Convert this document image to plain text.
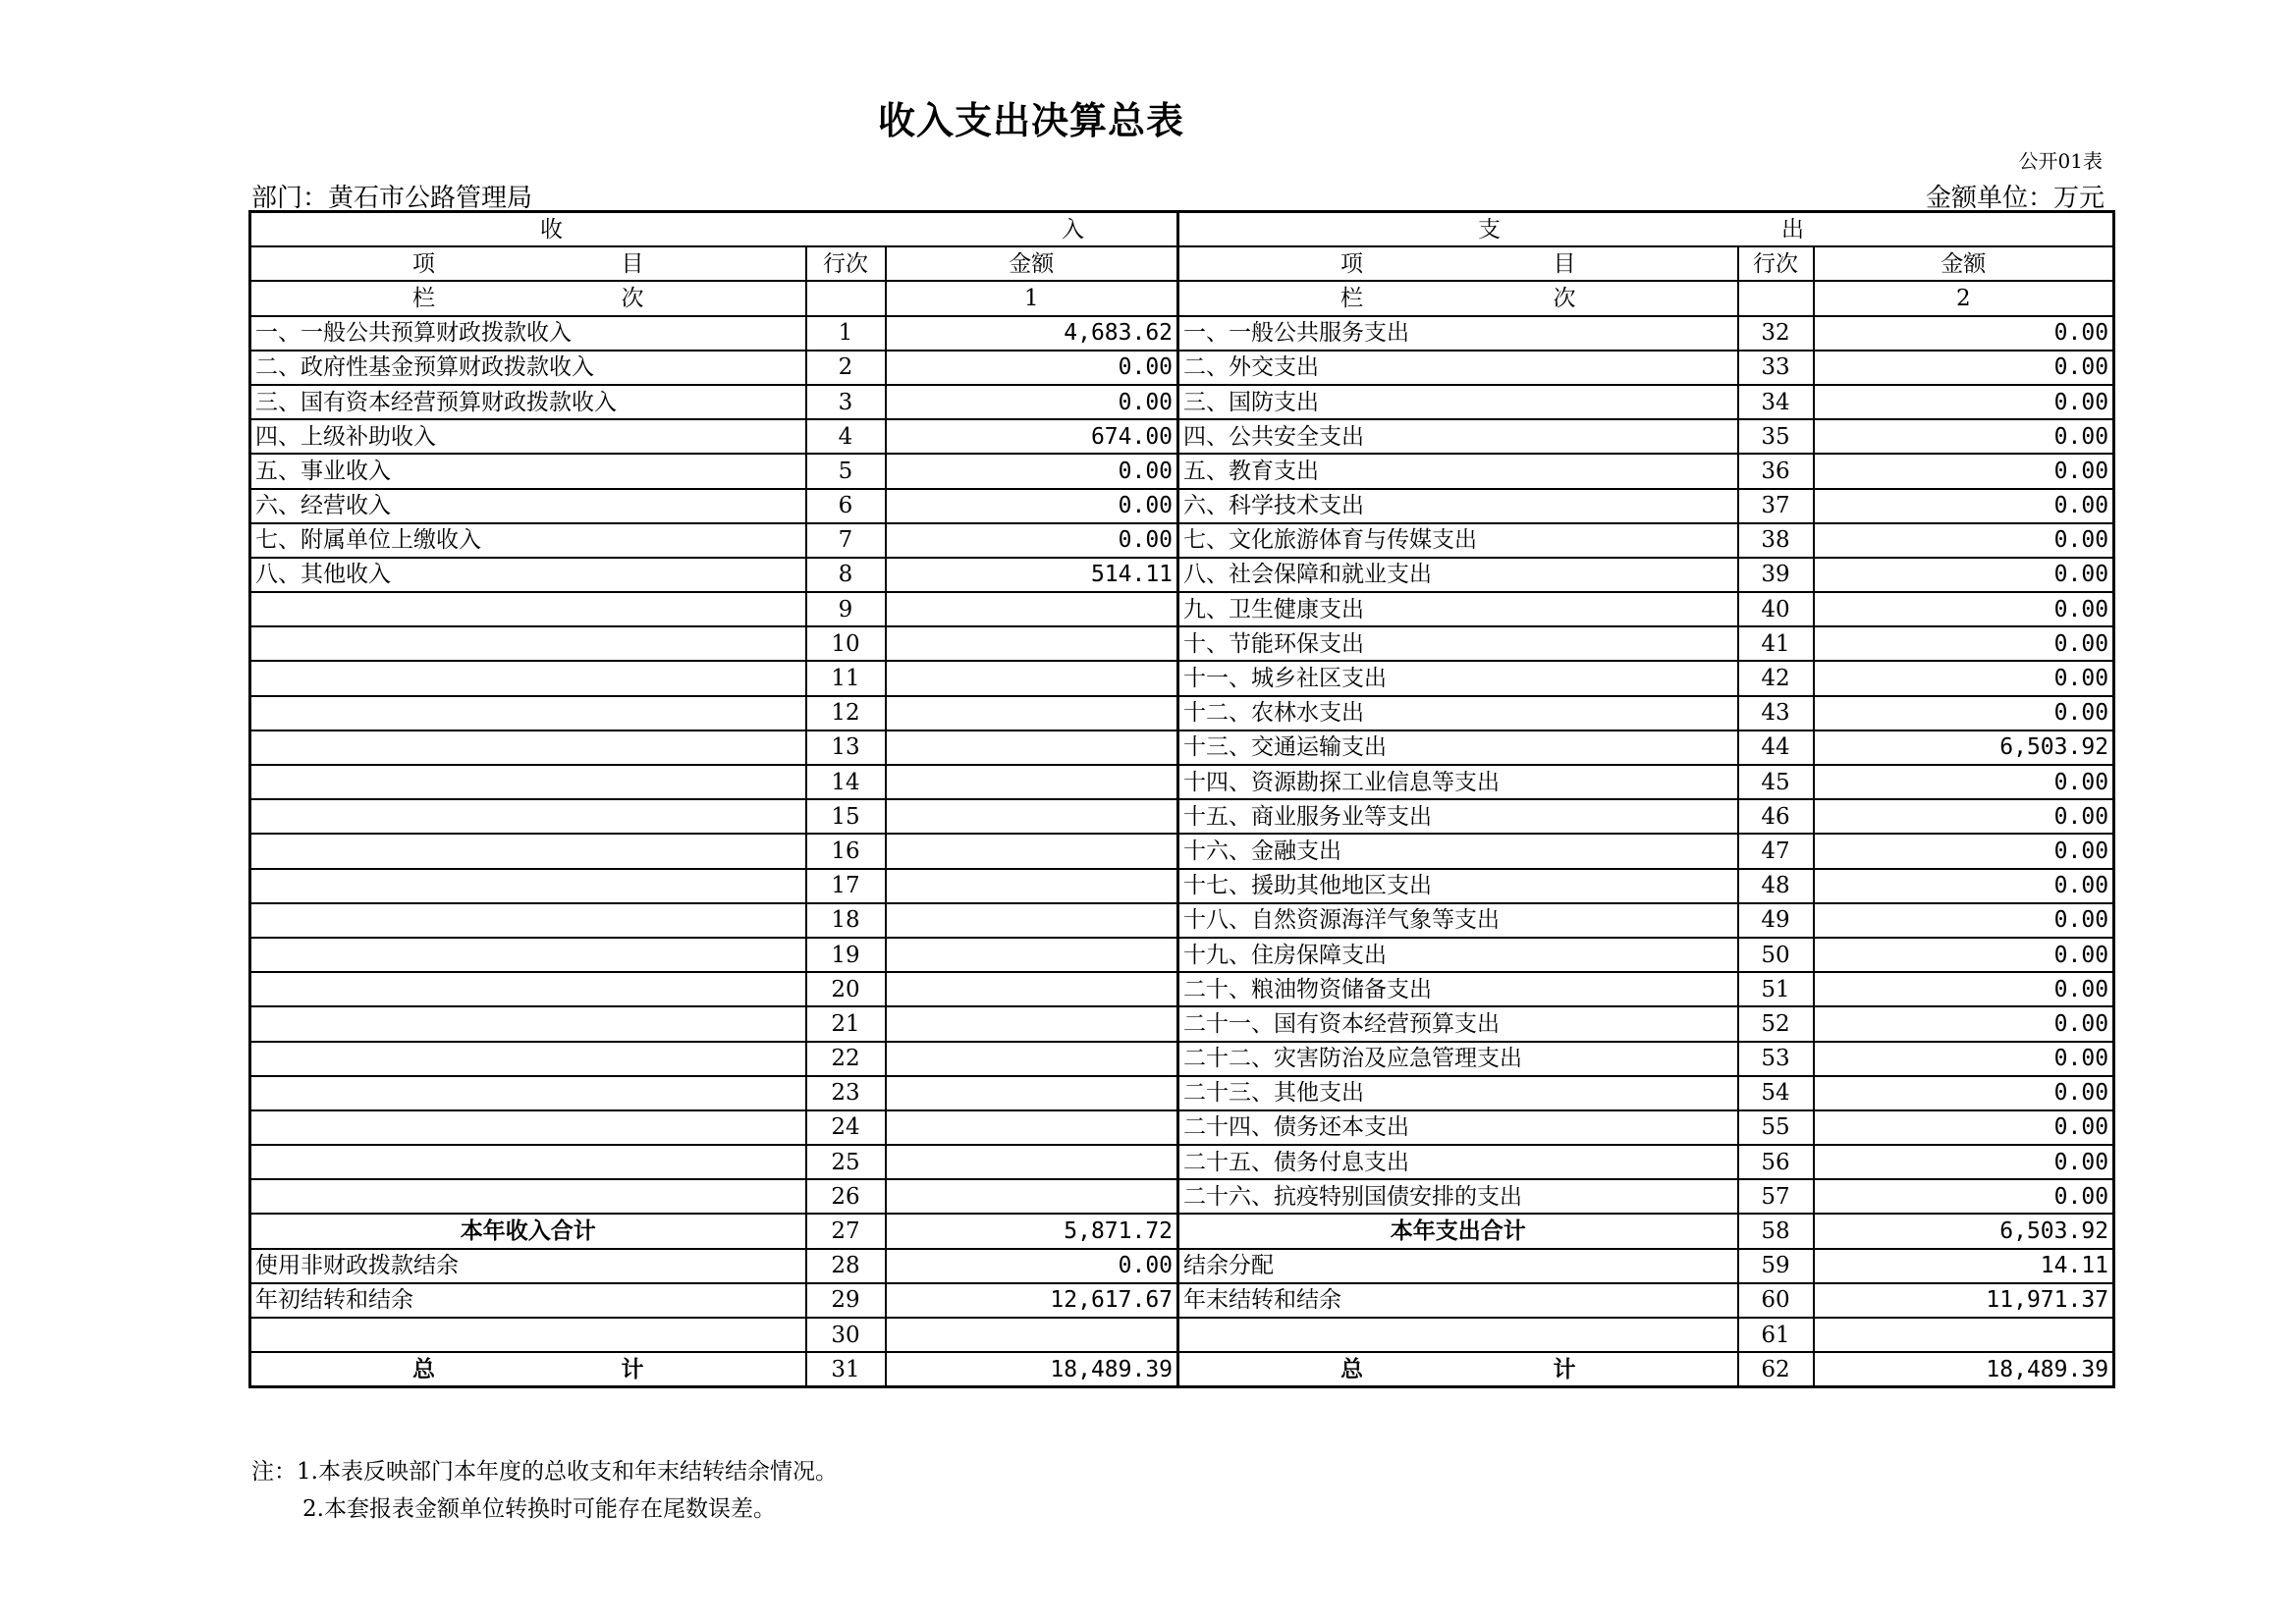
收入支出决算总表
公开01表
部门：黄石市公路管理局	金额单位：万元
收 入			支 出		

项 目	行次	金额	项 目	行次	金额

栏 次		1	栏 次		2
一、一般公共预算财政拨款收入	1	4,683.62	一、一般公共服务支出	32	0.00
二、政府性基金预算财政拨款收入	2	0.00	二、外交支出	33	0.00
三、国有资本经营预算财政拨款收入	3	0.00	三、国防支出	34	0.00
四、上级补助收入	4	674.00	四、公共安全支出	35	0.00
五、事业收入	5	0.00	五、教育支出	36	0.00
六、经营收入	6	0.00	六、科学技术支出	37	0.00
七、附属单位上缴收入	7	0.00	七、文化旅游体育与传媒支出	38	0.00
八、其他收入	8	514.11	八、社会保障和就业支出	39	0.00
	9		九、卫生健康支出	40	0.00
	10		十、节能环保支出	41	0.00
	11		十一、城乡社区支出	42	0.00
	12		十二、农林水支出	43	0.00
	13		十三、交通运输支出	44	6,503.92
	14		十四、资源勘探工业信息等支出	45	0.00
	15		十五、商业服务业等支出	46	0.00
	16		十六、金融支出	47	0.00
	17		十七、援助其他地区支出	48	0.00
	18		十八、自然资源海洋气象等支出	49	0.00
	19		十九、住房保障支出	50	0.00
	20		二十、粮油物资储备支出	51	0.00
	21		二十一、国有资本经营预算支出	52	0.00
	22		二十二、灾害防治及应急管理支出	53	0.00
	23		二十三、其他支出	54	0.00
	24		二十四、债务还本支出	55	0.00
	25		二十五、债务付息支出	56	0.00
	26		二十六、抗疫特别国债安排的支出	57	0.00
本年收入合计	27	5,871.72	本年支出合计	58	6,503.92
使用非财政拨款结余	28	0.00	结余分配	59	14.11
年初结转和结余	29	12,617.67	年末结转和结余	60	11,971.37
	30			61	

总 计	31	18,489.39	总 计	62	18,489.39
注：1.本表反映部门本年度的总收支和年末结转结余情况。
2.本套报表金额单位转换时可能存在尾数误差。
